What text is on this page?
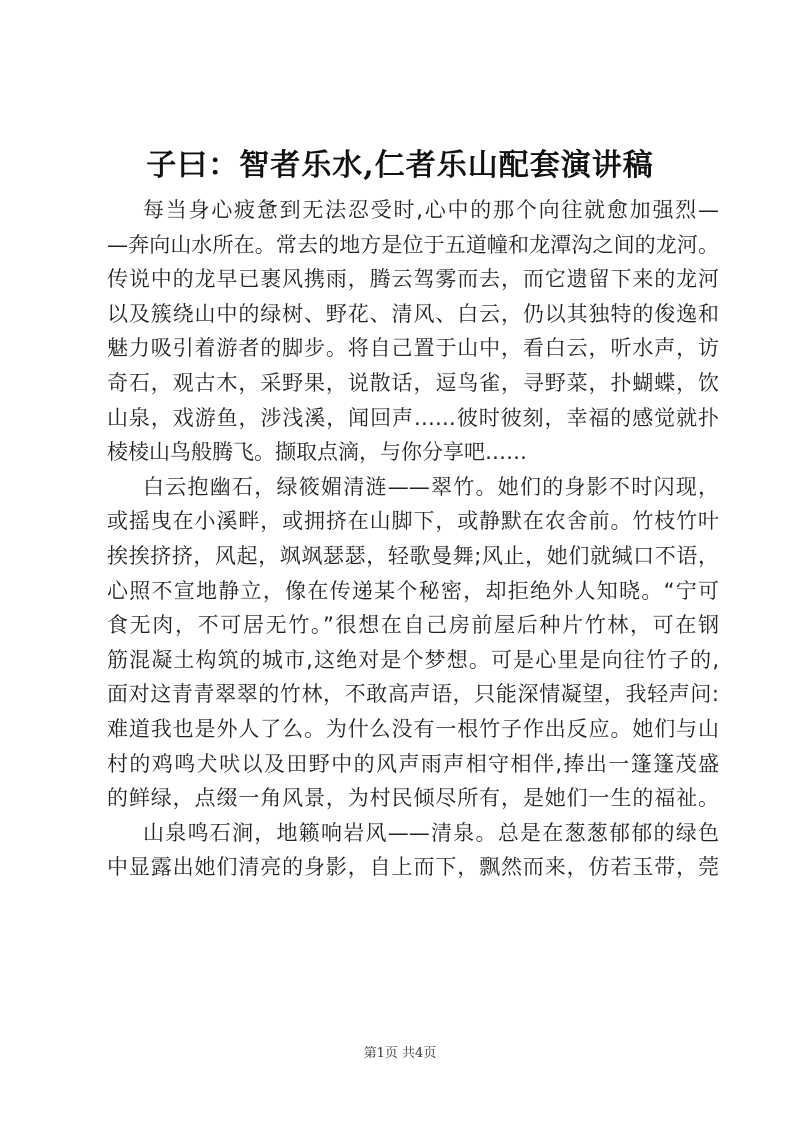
子曰：智者乐水,仁者乐山配套演讲稿
每当身心疲惫到无法忍受时,心中的那个向往就愈加强烈—
—奔向山水所在。常去的地方是位于五道幢和龙潭沟之间的龙河。
传说中的龙早已裹风携雨，腾云驾雾而去，而它遗留下来的龙河
以及簇绕山中的绿树、野花、清风、白云，仍以其独特的俊逸和
魅力吸引着游者的脚步。将自己置于山中，看白云，听水声，访
奇石，观古木，采野果，说散话，逗鸟雀，寻野菜，扑蝴蝶，饮
山泉，戏游鱼，涉浅溪，闻回声……彼时彼刻，幸福的感觉就扑
棱棱山鸟般腾飞。撷取点滴，与你分享吧……
白云抱幽石，绿筱媚清涟——翠竹。她们的身影不时闪现，
或摇曳在小溪畔，或拥挤在山脚下，或静默在农舍前。竹枝竹叶
挨挨挤挤，风起，飒飒瑟瑟，轻歌曼舞;风止，她们就缄口不语，
心照不宣地静立，像在传递某个秘密，却拒绝外人知晓。“宁可
食无肉，不可居无竹。”很想在自己房前屋后种片竹林，可在钢
筋混凝土构筑的城市,这绝对是个梦想。可是心里是向往竹子的,
面对这青青翠翠的竹林，不敢高声语，只能深情凝望，我轻声问:
难道我也是外人了么。为什么没有一根竹子作出反应。她们与山
村的鸡鸣犬吠以及田野中的风声雨声相守相伴,捧出一篷篷茂盛
的鲜绿，点缀一角风景，为村民倾尽所有，是她们一生的福祉。
山泉鸣石涧，地籁响岩风——清泉。总是在葱葱郁郁的绿色
中显露出她们清亮的身影，自上而下，飘然而来，仿若玉带，莞
第1页 共4页
